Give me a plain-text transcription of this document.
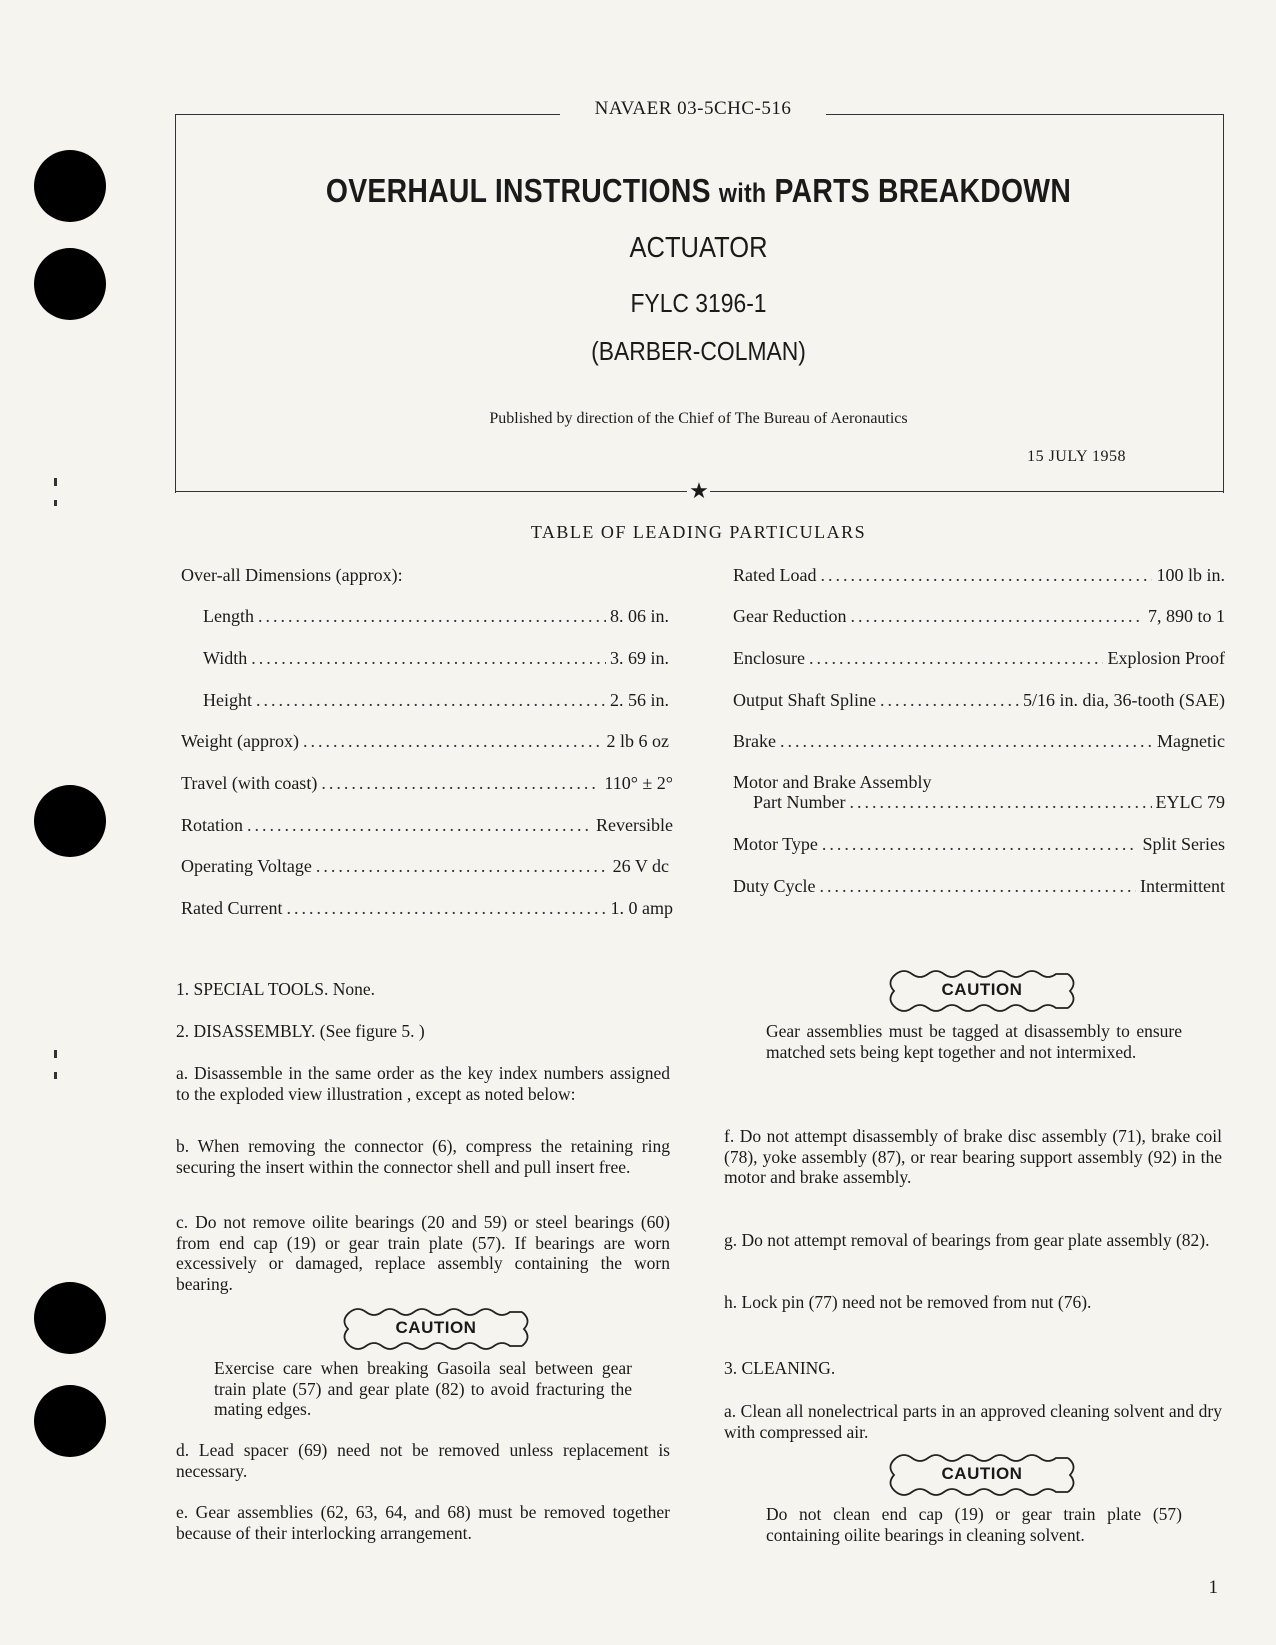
★
NAVAER 03-5CHC-516
OVERHAUL INSTRUCTIONS with PARTS BREAKDOWN
ACTUATOR
FYLC 3196-1
(BARBER-COLMAN)
Published by direction of the Chief of The Bureau of Aeronautics
15 JULY 1958
TABLE OF LEADING PARTICULARS
Over-all Dimensions (approx):
Length .....	8. 06 in.
Width .....	3. 69 in.
Height .....	2. 56 in.
Weight (approx) .....	2 lb 6 oz
Travel (with coast) .....	110° ± 2°
Rotation .....	Reversible
Operating Voltage .....	26 V dc
Rated Current .....	1. 0 amp
Rated Load .....	100 lb in.
Gear Reduction .....	7, 890 to 1
Enclosure .....	Explosion Proof
Output Shaft Spline .....	5/16 in. dia, 36-tooth (SAE)
Brake .....	Magnetic
Motor and Brake Assembly
Part Number .....	EYLC 79
Motor Type .....	Split Series
Duty Cycle .....	Intermittent
1. SPECIAL TOOLS. None.
2. DISASSEMBLY. (See figure 5. )
a. Disassemble in the same order as the key index numbers assigned to the exploded view illustration , except as noted below:
b. When removing the connector (6), compress the retaining ring securing the insert within the connector shell and pull insert free.
c. Do not remove oilite bearings (20 and 59) or steel bearings (60) from end cap (19) or gear train plate (57). If bearings are worn excessively or damaged, replace assembly containing the worn bearing.
CAUTION
Exercise care when breaking Gasoila seal between gear train plate (57) and gear plate (82) to avoid fracturing the mating edges.
d. Lead spacer (69) need not be removed unless replacement is necessary.
e. Gear assemblies (62, 63, 64, and 68) must be removed together because of their interlocking arrangement.
CAUTION
Gear assemblies must be tagged at disassembly to ensure matched sets being kept together and not intermixed.
f. Do not attempt disassembly of brake disc assembly (71), brake coil (78), yoke assembly (87), or rear bearing support assembly (92) in the motor and brake assembly.
g. Do not attempt removal of bearings from gear plate assembly (82).
h. Lock pin (77) need not be removed from nut (76).
3. CLEANING.
a. Clean all nonelectrical parts in an approved cleaning solvent and dry with compressed air.
CAUTION
Do not clean end cap (19) or gear train plate (57) containing oilite bearings in cleaning solvent.
1
